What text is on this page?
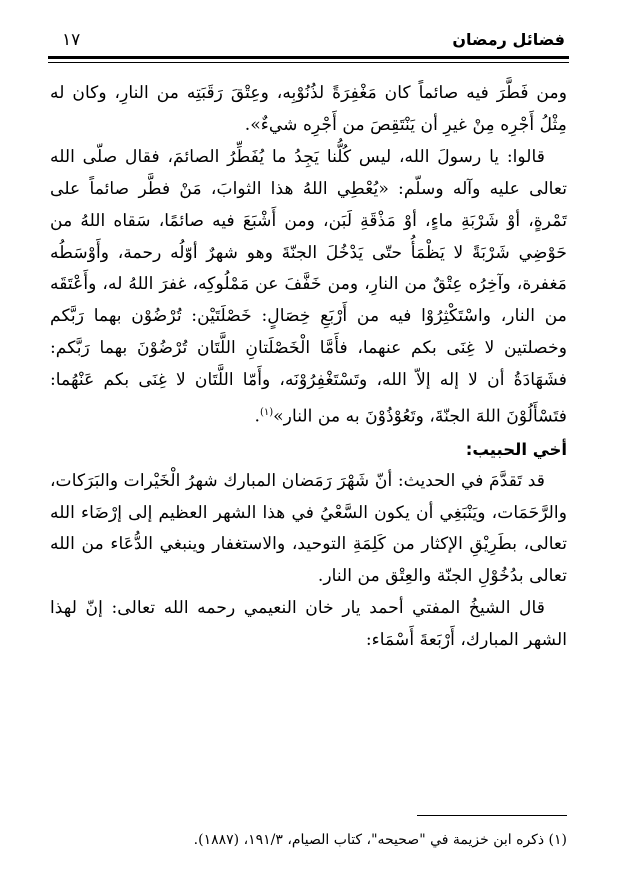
فضائل رمضان
١٧

ومن فَطَّرَ فيه صائماً كان مَغْفِرَةً لذُنُوْبِه، وعِتْقَ رَقَبَتِه من النارِ، وكان له مِثْلُ أَجْرِه مِنْ غيرِ أن يَنْتَقِصَ من أَجْرِه شيءٌ».

قالوا: يا رسولَ الله، ليس كُلُّنا يَجِدُ ما يُفَطِّرُ الصائمَ، فقال صلّى الله تعالى عليه وآله وسلّم: «يُعْطِي اللهُ هذا الثوابَ، مَنْ فطَّر صائماً على تَمْرةٍ، أوْ شَرْبَةِ ماءٍ، أوْ مَذْقَةِ لَبَن، ومن أَشْبَعَ فيه صائمًا، سَقاه اللهُ من حَوْضِي شَرْبَةً لا يَظْمَأُ حتّى يَدْخُلَ الجنّةَ وهو شهرٌ أوّلُه رحمة، وأَوْسَطُه مَغفرة، وآخِرُه عِتْقٌ من النارِ، ومن خَفَّفَ عن مَمْلُوكِه، غفرَ اللهُ له، وأَعْتَقَه من النار، واسْتَكْثِرُوْا فيه من أَرْبَعِ خِصَالٍ: خَصْلَتَيْن: تُرْضُوْن بهما رَبَّكم وخصلتين لا غِنَى بكم عنهما، فأَمَّا الْخَصْلَتانِ اللَّتَان تُرْضُوْنَ بهما رَبَّكم: فشَهَادَةُ أن لا إله إلاّ الله، وتَسْتَغْفِرُوْنَه، وأَمّا اللَّتَان لا غِنَى بكم عَنْهُما: فتَسْأَلُوْنَ اللهَ الجنّةَ، وتَعُوْذُوْنَ به من النار»$^{(١)}$.

أخي الحبيب:

قد تَقدَّمَ في الحديث: أنّ شَهْرَ رَمَضان المبارك شهرُ الْخَيْرات والبَرَكات، والرَّحَمَات، ويَنْبَغِي أن يكون السَّعْيُ في هذا الشهر العظيم إلى إرْضَاء الله تعالى، بطَرِيْقِ الإكثار من كَلِمَةِ التوحيد، والاستغفار وينبغي الدُّعَاء من الله تعالى بدُخُوْلِ الجنّة والعِتْق من النار.

قال الشيخُ المفتي أحمد يار خان النعيمي رحمه الله تعالى: إنّ لهذا الشهر المبارك، أَرْبَعةَ أَسْمَاء:

(١) ذكره ابن خزيمة في "صحيحه"، كتاب الصيام، ١٩١/٣، (١٨٨٧).
